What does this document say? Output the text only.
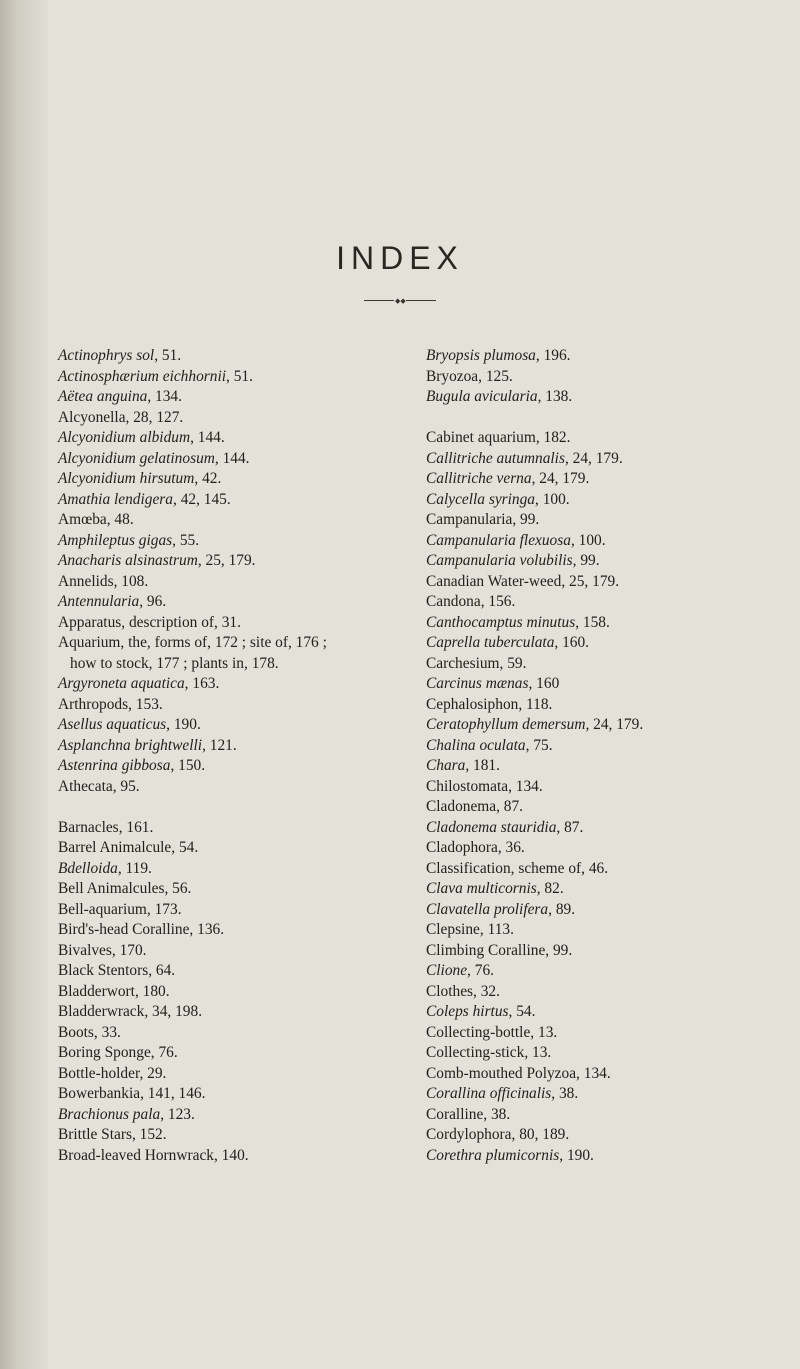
INDEX
◆◆
Actinophrys sol, 51.
Actinosphærium eichhornii, 51.
Aëtea anguina, 134.
Alcyonella, 28, 127.
Alcyonidium albidum, 144.
Alcyonidium gelatinosum, 144.
Alcyonidium hirsutum, 42.
Amathia lendigera, 42, 145.
Amœba, 48.
Amphileptus gigas, 55.
Anacharis alsinastrum, 25, 179.
Annelids, 108.
Antennularia, 96.
Apparatus, description of, 31.
Aquarium, the, forms of, 172 ; site of, 176 ;
how to stock, 177 ; plants in, 178.
Argyroneta aquatica, 163.
Arthropods, 153.
Asellus aquaticus, 190.
Asplanchna brightwelli, 121.
Astenrina gibbosa, 150.
Athecata, 95.
Barnacles, 161.
Barrel Animalcule, 54.
Bdelloida, 119.
Bell Animalcules, 56.
Bell-aquarium, 173.
Bird's-head Coralline, 136.
Bivalves, 170.
Black Stentors, 64.
Bladderwort, 180.
Bladderwrack, 34, 198.
Boots, 33.
Boring Sponge, 76.
Bottle-holder, 29.
Bowerbankia, 141, 146.
Brachionus pala, 123.
Brittle Stars, 152.
Broad-leaved Hornwrack, 140.
Bryopsis plumosa, 196.
Bryozoa, 125.
Bugula avicularia, 138.
Cabinet aquarium, 182.
Callitriche autumnalis, 24, 179.
Callitriche verna, 24, 179.
Calycella syringa, 100.
Campanularia, 99.
Campanularia flexuosa, 100.
Campanularia volubilis, 99.
Canadian Water-weed, 25, 179.
Candona, 156.
Canthocamptus minutus, 158.
Caprella tuberculata, 160.
Carchesium, 59.
Carcinus mænas, 160
Cephalosiphon, 118.
Ceratophyllum demersum, 24, 179.
Chalina oculata, 75.
Chara, 181.
Chilostomata, 134.
Cladonema, 87.
Cladonema stauridia, 87.
Cladophora, 36.
Classification, scheme of, 46.
Clava multicornis, 82.
Clavatella prolifera, 89.
Clepsine, 113.
Climbing Coralline, 99.
Clione, 76.
Clothes, 32.
Coleps hirtus, 54.
Collecting-bottle, 13.
Collecting-stick, 13.
Comb-mouthed Polyzoa, 134.
Corallina officinalis, 38.
Coralline, 38.
Cordylophora, 80, 189.
Corethra plumicornis, 190.
